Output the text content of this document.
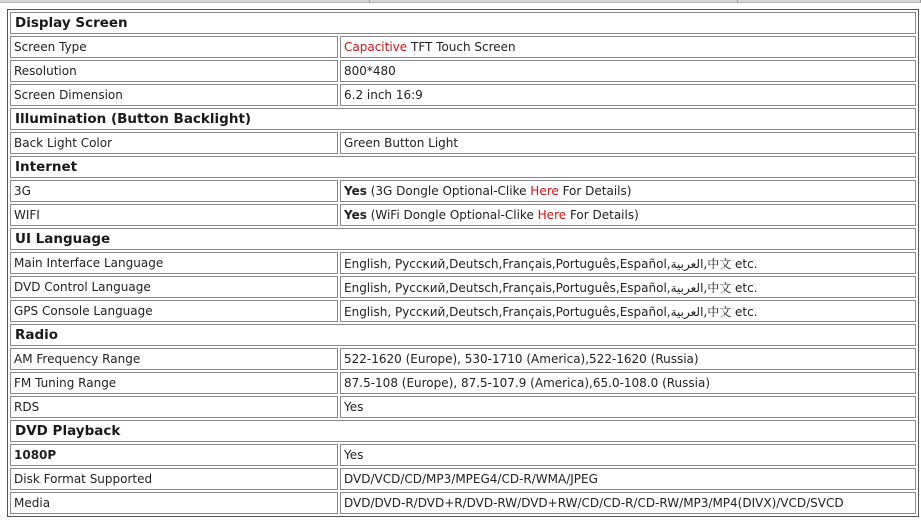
Display Screen	
Screen Type	Capacitive TFT Touch Screen
Resolution	800*480
Screen Dimension	6.2 inch 16:9
Illumination (Button Backlight)	
Back Light Color	Green Button Light
Internet	
3G	Yes (3G Dongle Optional-Clike Here For Details)
WIFI	Yes (WiFi Dongle Optional-Clike Here For Details)
UI Language	
Main Interface Language	English, Русский,Deutsch,Français,Português,Español,العربية,中文 etc.
DVD Control Language	English, Русский,Deutsch,Français,Português,Español,العربية,中文 etc.
GPS Console Language	English, Русский,Deutsch,Français,Português,Español,العربية,中文 etc.
Radio	
AM Frequency Range	522-1620 (Europe), 530-1710 (America),522-1620 (Russia)
FM Tuning Range	87.5-108 (Europe), 87.5-107.9 (America),65.0-108.0 (Russia)
RDS	Yes
DVD Playback	
1080P	Yes
Disk Format Supported	DVD/VCD/CD/MP3/MPEG4/CD-R/WMA/JPEG
Media	DVD/DVD-R/DVD+R/DVD-RW/DVD+RW/CD/CD-R/CD-RW/MP3/MP4(DIVX)/VCD/SVCD
